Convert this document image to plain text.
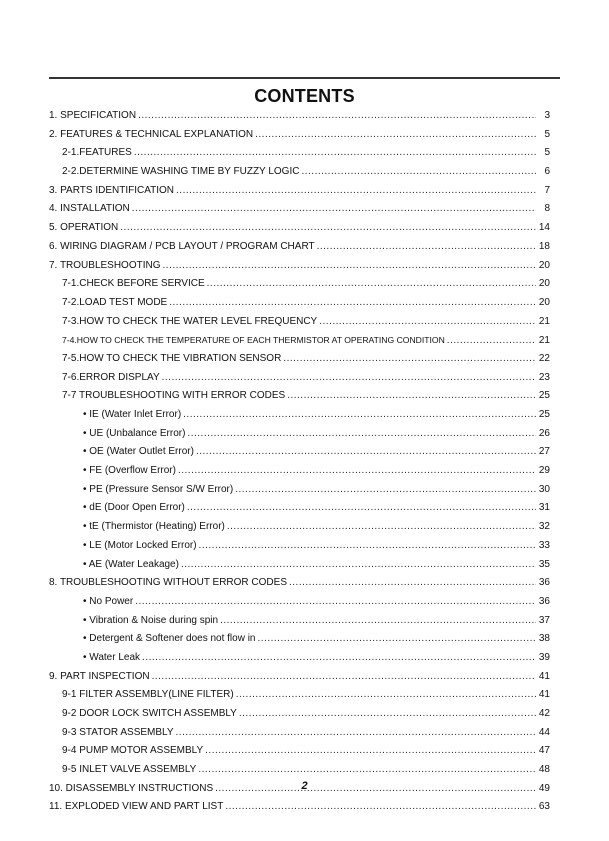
CONTENTS
1. SPECIFICATION .....	3
2. FEATURES & TECHNICAL EXPLANATION .....	5
2-1.FEATURES .....	5
2-2.DETERMINE WASHING TIME BY FUZZY LOGIC .....	6
3. PARTS IDENTIFICATION .....	7
4. INSTALLATION .....	8
5. OPERATION .....	14
6. WIRING DIAGRAM / PCB LAYOUT / PROGRAM CHART .....	18
7. TROUBLESHOOTING .....	20
7-1.CHECK BEFORE SERVICE .....	20
7-2.LOAD TEST MODE .....	20
7-3.HOW TO CHECK THE WATER LEVEL FREQUENCY .....	21
7-4.HOW TO CHECK THE TEMPERATURE OF EACH THERMISTOR AT OPERATING CONDITION .....	21
7-5.HOW TO CHECK THE VIBRATION SENSOR .....	22
7-6.ERROR DISPLAY .....	23
7-7 TROUBLESHOOTING WITH ERROR CODES .....	25
• IE (Water Inlet Error) .....	25
• UE (Unbalance Error) .....	26
• OE (Water Outlet Error) .....	27
• FE (Overflow Error) .....	29
• PE (Pressure Sensor S/W Error) .....	30
• dE (Door Open Error) .....	31
• tE (Thermistor (Heating) Error) .....	32
• LE (Motor Locked Error) .....	33
• AE (Water Leakage) .....	35
8. TROUBLESHOOTING WITHOUT ERROR CODES .....	36
• No Power .....	36
• Vibration & Noise during spin .....	37
• Detergent & Softener does not flow in .....	38
• Water Leak .....	39
9. PART INSPECTION .....	41
9-1 FILTER ASSEMBLY(LINE FILTER) .....	41
9-2 DOOR LOCK SWITCH ASSEMBLY .....	42
9-3 STATOR ASSEMBLY .....	44
9-4 PUMP MOTOR ASSEMBLY .....	47
9-5 INLET VALVE ASSEMBLY .....	48
10. DISASSEMBLY INSTRUCTIONS .....	49
11. EXPLODED VIEW AND PART LIST .....	63
2
